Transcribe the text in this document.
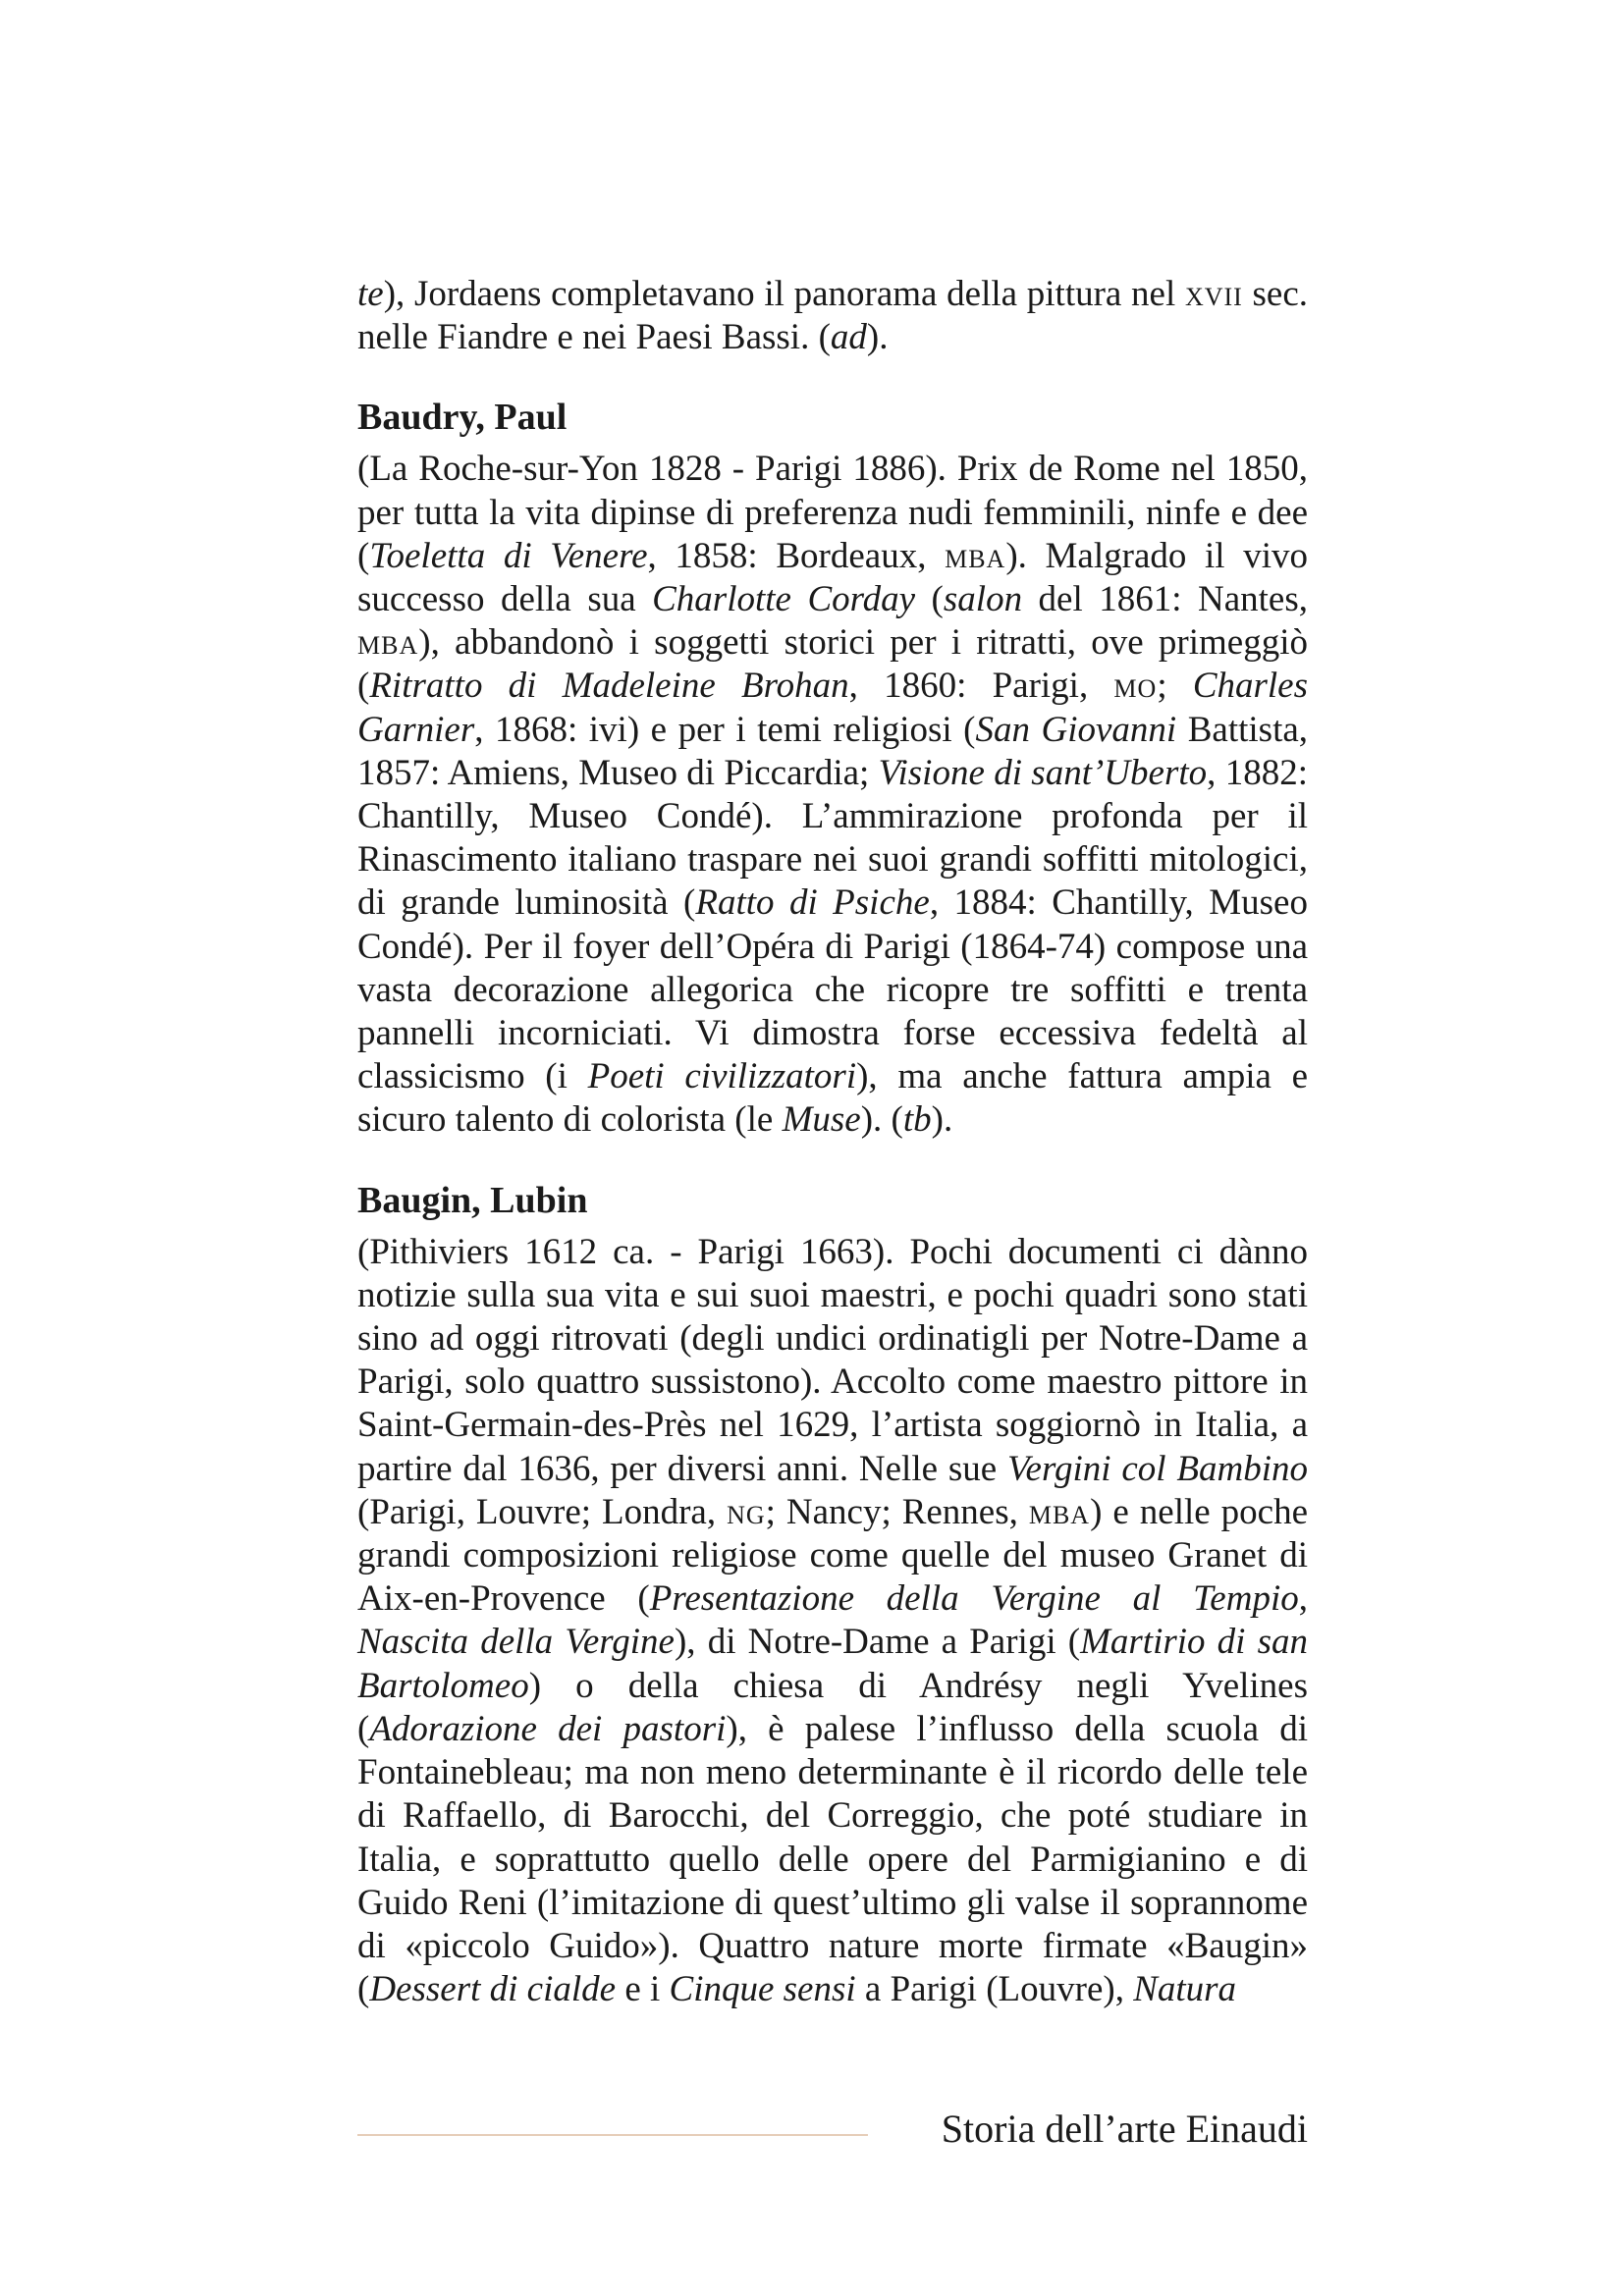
te), Jordaens completavano il panorama della pittura nel xvii sec. nelle Fiandre e nei Paesi Bassi. (ad).

Baudry, Paul

(La Roche-sur-Yon 1828 - Parigi 1886). Prix de Rome nel 1850, per tutta la vita dipinse di preferenza nudi femminili, ninfe e dee (Toeletta di Venere, 1858: Bordeaux, mba). Malgrado il vivo successo della sua Charlotte Corday (salon del 1861: Nantes, mba), abbandonò i soggetti storici per i ritratti, ove primeggiò (Ritratto di Madeleine Brohan, 1860: Parigi, mo; Charles Garnier, 1868: ivi) e per i temi religiosi (San Giovanni Battista, 1857: Amiens, Museo di Piccardia; Visione di sant’Uberto, 1882: Chantilly, Museo Condé). L’ammirazione profonda per il Rinascimento italiano traspare nei suoi grandi soffitti mitologici, di grande luminosità (Ratto di Psiche, 1884: Chantilly, Museo Condé). Per il foyer dell’Opéra di Parigi (1864-74) compose una vasta decorazione allegorica che ricopre tre soffitti e trenta pannelli incorniciati. Vi dimostra forse eccessiva fedeltà al classicismo (i Poeti civilizzatori), ma anche fattura ampia e sicuro talento di colorista (le Muse). (tb).

Baugin, Lubin

(Pithiviers 1612 ca. - Parigi 1663). Pochi documenti ci dànno notizie sulla sua vita e sui suoi maestri, e pochi quadri sono stati sino ad oggi ritrovati (degli undici ordinatigli per Notre-Dame a Parigi, solo quattro sussistono). Accolto come maestro pittore in Saint-Germain-des-Près nel 1629, l’artista soggiornò in Italia, a partire dal 1636, per diversi anni. Nelle sue Vergini col Bambino (Parigi, Louvre; Londra, ng; Nancy; Rennes, mba) e nelle poche grandi composizioni religiose come quelle del museo Granet di Aix-en-Provence (Presentazione della Vergine al Tempio, Nascita della Vergine), di Notre-Dame a Parigi (Martirio di san Bartolomeo) o della chiesa di Andrésy negli Yvelines (Adorazione dei pastori), è palese l’influsso della scuola di Fontainebleau; ma non meno determinante è il ricordo delle tele di Raffaello, di Barocchi, del Correggio, che poté studiare in Italia, e soprattutto quello delle opere del Parmigianino e di Guido Reni (l’imitazione di quest’ultimo gli valse il soprannome di «piccolo Guido»). Quattro nature morte firmate «Baugin» (Dessert di cialde e i Cinque sensi a Parigi (Louvre), Natura

Storia dell’arte Einaudi
